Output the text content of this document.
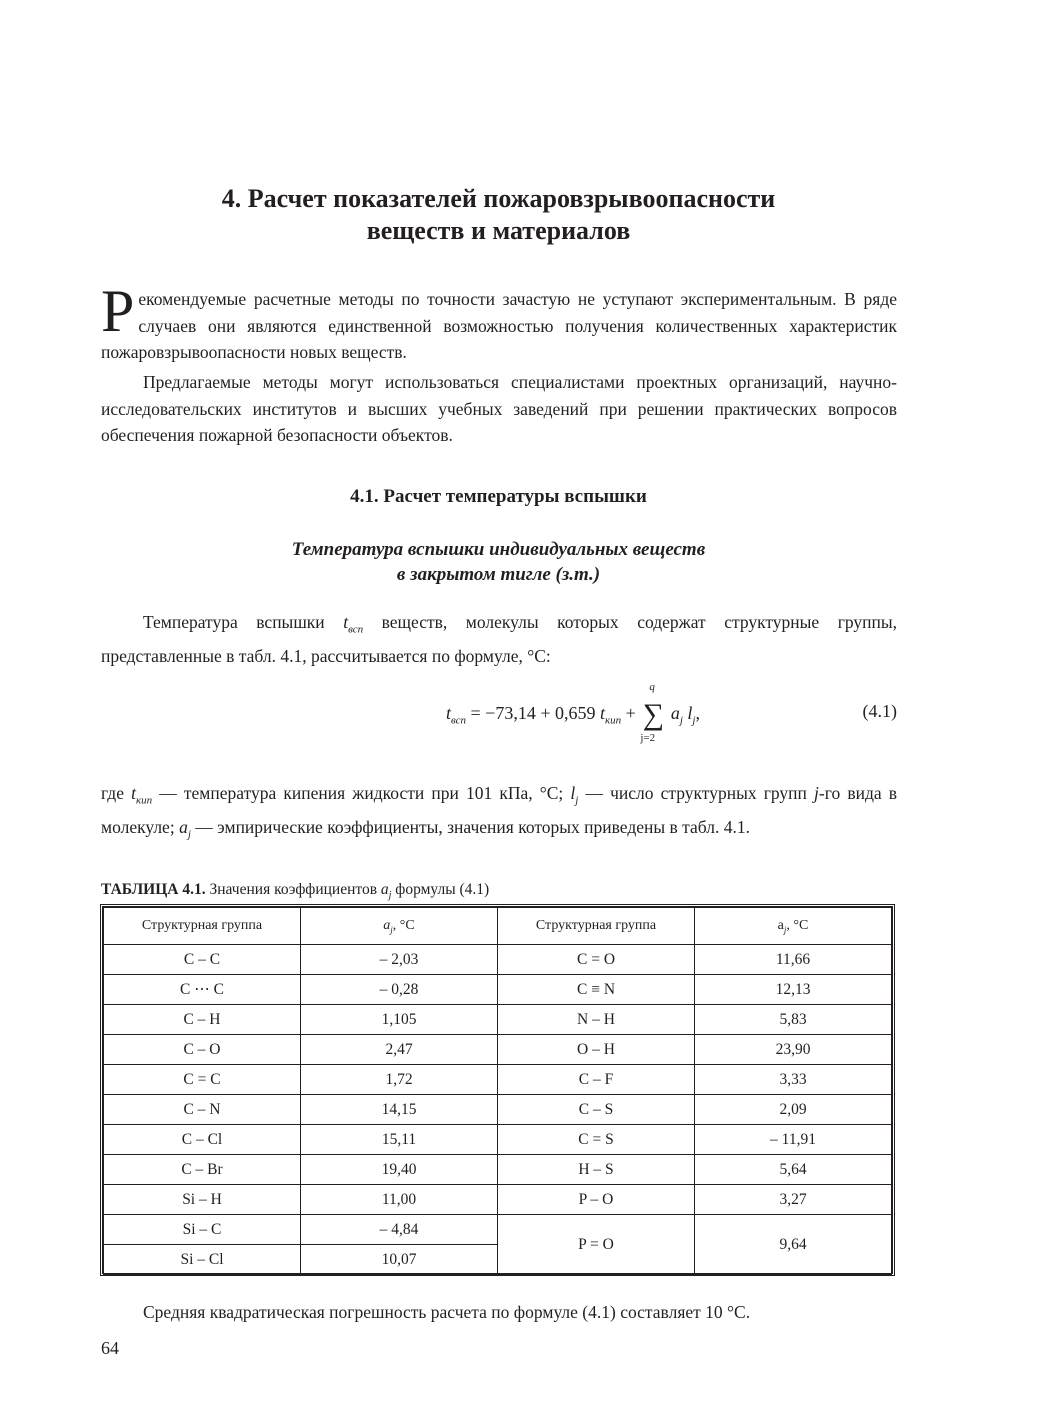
4. Расчет показателей пожаровзрывоопасности
веществ и материалов
Рекомендуемые расчетные методы по точности зачастую не уступают экспериментальным. В ряде случаев они являются единственной возможностью получения количественных характеристик пожаровзрывоопасности новых веществ.
Предлагаемые методы могут использоваться специалистами проектных организаций, научно-исследовательских институтов и высших учебных заведений при решении практических вопросов обеспечения пожарной безопасности объектов.
4.1. Расчет температуры вспышки
Температура вспышки индивидуальных веществ
в закрытом тигле (з.т.)
Температура вспышки $t_{всп}$ веществ, молекулы которых содержат структурные группы, представленные в табл. 4.1, рассчитывается по формуле, °С:
$t_{всп} = -73,14 + 0,659$ $t_{кип}$ +
q
∑
j=2
$a_j$ $l_j$,	(4.1)
где $t_{кип}$ — температура кипения жидкости при 101 кПа, °С; $l_j$ — число структурных групп j-го вида в молекуле; $a_j$ — эмпирические коэффициенты, значения которых приведены в табл. 4.1.
ТАБЛИЦА 4.1. Значения коэффициентов $a_j$ формулы (4.1)
Структурная группа	$a_j$, °С	Структурная группа	$a_j$, °С
С – С	– 2,03	С = О	11,66
С ⋯ С	– 0,28	С ≡ N	12,13
С – Н	1,105	N – H	5,83
С – О	2,47	O – H	23,90
С = С	1,72	C – F	3,33
С – N	14,15	C – S	2,09
С – Cl	15,11	C = S	– 11,91
С – Br	19,40	H – S	5,64
Si – H	11,00	P – O	3,27
Si – C	– 4,84	P = O	9,64
Si – Cl	10,07		
Средняя квадратическая погрешность расчета по формуле (4.1) составляет 10 °С.
64
